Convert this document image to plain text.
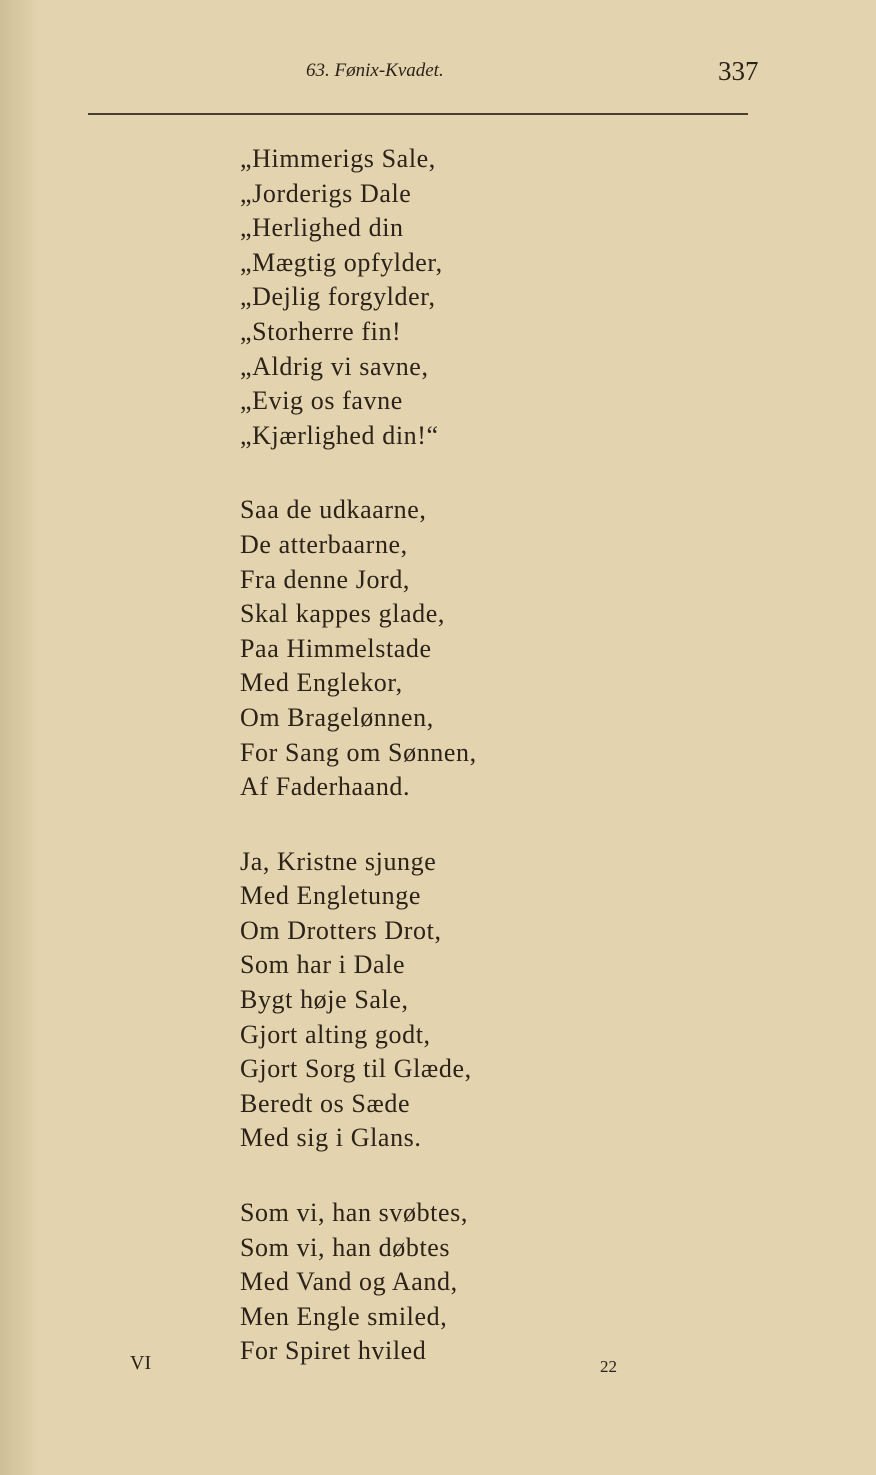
63. Fønix-Kvadet.	337
„Himmerigs Sale,
„Jorderigs Dale
„Herlighed din
„Mægtig opfylder,
„Dejlig forgylder,
„Storherre fin!
„Aldrig vi savne,
„Evig os favne
„Kjærlighed din!“
Saa de udkaarne,
De atterbaarne,
Fra denne Jord,
Skal kappes glade,
Paa Himmelstade
Med Englekor,
Om Bragelønnen,
For Sang om Sønnen,
Af Faderhaand.
Ja, Kristne sjunge
Med Engletunge
Om Drotters Drot,
Som har i Dale
Bygt høje Sale,
Gjort alting godt,
Gjort Sorg til Glæde,
Beredt os Sæde
Med sig i Glans.
Som vi, han svøbtes,
Som vi, han døbtes
Med Vand og Aand,
Men Engle smiled,
For Spiret hviled
VI	22
